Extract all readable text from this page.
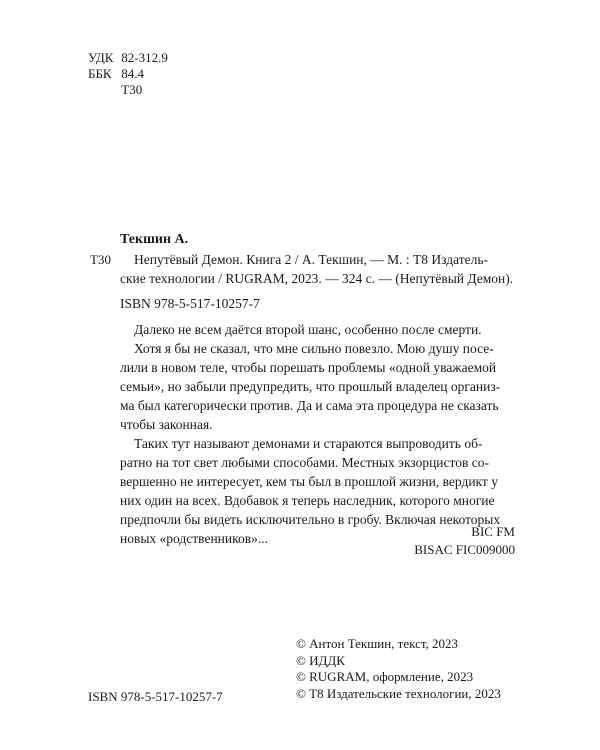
УДК 82-312.9
ББК 84.4
Т30
Текшин А.
Т30	Непутёвый Демон. Книга 2 / А. Текшин, — М. : Т8 Издатель-
ские технологии / RUGRAM, 2023. — 324 с. — (Непутёвый Демон).
ISBN 978-5-517-10257-7
Далеко не всем даётся второй шанс, особенно после смерти.
Хотя я бы не сказал, что мне сильно повезло. Мою душу посе-
лили в новом теле, чтобы порешать проблемы «одной уважаемой
семьи», но забыли предупредить, что прошлый владелец организ-
ма был категорически против. Да и сама эта процедура не сказать
чтобы законная.
Таких тут называют демонами и стараются выпроводить об-
ратно на тот свет любыми способами. Местных экзорцистов со-
вершенно не интересует, кем ты был в прошлой жизни, вердикт у
них один на всех. Вдобавок я теперь наследник, которого многие
предпочли бы видеть исключительно в гробу. Включая некоторых
новых «родственников»...	BIC FM
BISAC FIC009000
© Антон Текшин, текст, 2023
© ИДДК
© RUGRAM, оформление, 2023
© Т8 Издательские технологии, 2023
ISBN 978-5-517-10257-7
